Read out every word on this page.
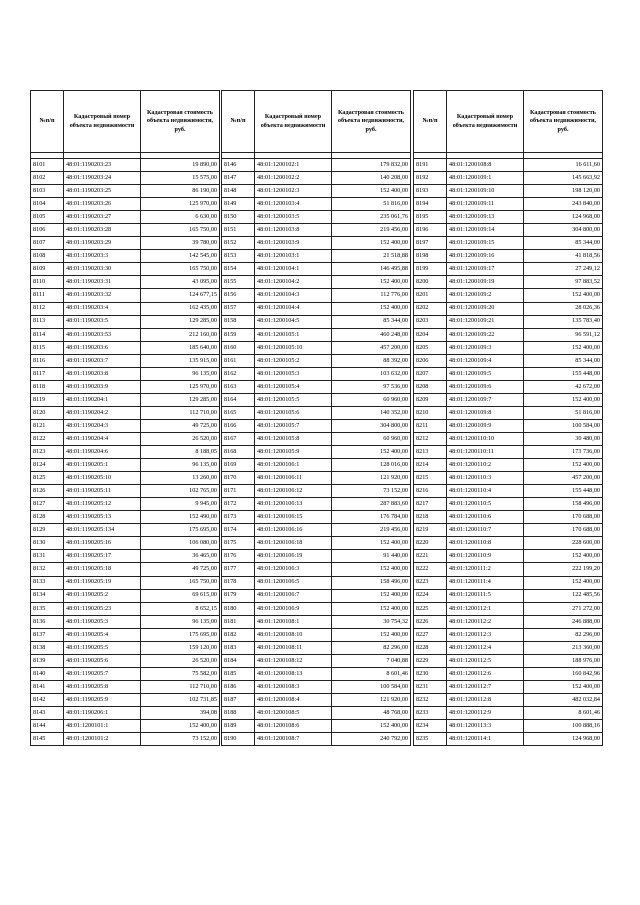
№п/п	Кадастровый номер объекта недвижимости	Кадастровая стоимость объекта недвижимости, руб.

8101	48:01:1190203:23	19 890,00
8102	48:01:1190203:24	15 575,00
8103	48:01:1190203:25	86 190,00
8104	48:01:1190203:26	125 970,00
8105	48:01:1190203:27	6 630,00
8106	48:01:1190203:28	165 750,00
8107	48:01:1190203:29	39 780,00
8108	48:01:1190203:3	142 545,00
8109	48:01:1190203:30	165 750,00
8110	48:01:1190203:31	43 095,00
8111	48:01:1190203:32	124 677,15
8112	48:01:1190203:4	162 435,00
8113	48:01:1190203:5	129 285,00
8114	48:01:1190203:53	212 160,00
8115	48:01:1190203:6	185 640,00
8116	48:01:1190203:7	135 915,00
8117	48:01:1190203:8	96 135,00
8118	48:01:1190203:9	125 970,00
8119	48:01:1190204:1	129 285,00
8120	48:01:1190204:2	112 710,00
8121	48:01:1190204:3	49 725,00
8122	48:01:1190204:4	26 520,00
8123	48:01:1190204:6	8 188,05
8124	48:01:1190205:1	96 135,00
8125	48:01:1190205:10	13 260,00
8126	48:01:1190205:11	102 765,00
8127	48:01:1190205:12	9 945,00
8128	48:01:1190205:13	152 490,00
8129	48:01:1190205:134	175 695,00
8130	48:01:1190205:16	106 080,00
8131	48:01:1190205:17	36 465,00
8132	48:01:1190205:18	49 725,00
8133	48:01:1190205:19	165 750,00
8134	48:01:1190205:2	69 615,00
8135	48:01:1190205:23	8 652,15
8136	48:01:1190205:3	96 135,00
8137	48:01:1190205:4	175 695,00
8138	48:01:1190205:5	159 120,00
8139	48:01:1190205:6	26 520,00
8140	48:01:1190205:7	75 582,00
8141	48:01:1190205:8	112 710,00
8142	48:01:1190205:9	102 731,85
8143	48:01:1190206:1	394,08
8144	48:01:1200101:1	152 400,00
8145	48:01:1200101:2	73 152,00
№п/п	Кадастровый номер объекта недвижимости	Кадастровая стоимость объекта недвижимости, руб.

8146	48:01:1200102:1	179 832,00
8147	48:01:1200102:2	140 208,00
8148	48:01:1200102:3	152 400,00
8149	48:01:1200103:4	51 816,00
8150	48:01:1200103:5	235 061,76
8151	48:01:1200103:8	219 456,00
8152	48:01:1200103:9	152 400,00
8153	48:01:1200103:1	21 518,88
8154	48:01:1200104:1	146 495,88
8155	48:01:1200104:2	152 400,00
8156	48:01:1200104:3	112 776,00
8157	48:01:1200104:4	152 400,00
8158	48:01:1200104:5	85 344,00
8159	48:01:1200105:1	460 248,00
8160	48:01:1200105:10	457 200,00
8161	48:01:1200105:2	88 392,00
8162	48:01:1200105:3	103 632,00
8163	48:01:1200105:4	97 536,00
8164	48:01:1200105:5	60 960,00
8165	48:01:1200105:6	140 352,00
8166	48:01:1200105:7	304 800,00
8167	48:01:1200105:8	60 960,00
8168	48:01:1200105:9	152 400,00
8169	48:01:1200106:1	128 016,00
8170	48:01:1200106:11	121 920,00
8171	48:01:1200106:12	73 152,00
8172	48:01:1200106:13	287 883,60
8173	48:01:1200106:15	176 784,00
8174	48:01:1200106:16	219 456,00
8175	48:01:1200106:18	152 400,00
8176	48:01:1200106:19	91 440,00
8177	48:01:1200106:3	152 400,00
8178	48:01:1200106:5	158 496,00
8179	48:01:1200106:7	152 400,00
8180	48:01:1200106:9	152 400,00
8181	48:01:1200108:1	30 754,32
8182	48:01:1200108:10	152 400,00
8183	48:01:1200108:11	82 296,00
8184	48:01:1200108:12	7 040,88
8185	48:01:1200108:13	8 601,46
8186	48:01:1200108:3	100 584,00
8187	48:01:1200108:4	121 920,00
8188	48:01:1200108:5	48 768,00
8189	48:01:1200108:6	152 400,00
8190	48:01:1200108:7	240 792,00
№п/п	Кадастровый номер объекта недвижимости	Кадастровая стоимость объекта недвижимости, руб.

8191	48:01:1200108:8	16 611,60
8192	48:01:1200109:1	145 663,92
8193	48:01:1200109:10	198 120,00
8194	48:01:1200109:11	243 840,00
8195	48:01:1200109:13	124 968,00
8196	48:01:1200109:14	304 800,00
8197	48:01:1200109:15	85 344,00
8198	48:01:1200109:16	41 818,56
8199	48:01:1200109:17	27 249,12
8200	48:01:1200109:19	97 883,52
8201	48:01:1200109:2	152 400,00
8202	48:01:1200109:20	28 026,36
8203	48:01:1200109:21	135 783,40
8204	48:01:1200109:22	96 591,12
8205	48:01:1200109:3	152 400,00
8206	48:01:1200109:4	85 344,00
8207	48:01:1200109:5	155 448,00
8208	48:01:1200109:6	42 672,00
8209	48:01:1200109:7	152 400,00
8210	48:01:1200109:8	51 816,00
8211	48:01:1200109:9	100 584,00
8212	48:01:1200110:10	30 480,00
8213	48:01:1200110:11	173 736,00
8214	48:01:1200110:2	152 400,00
8215	48:01:1200110:3	457 200,00
8216	48:01:1200110:4	155 448,00
8217	48:01:1200110:5	158 496,00
8218	48:01:1200110:6	170 688,00
8219	48:01:1200110:7	170 688,00
8220	48:01:1200110:8	228 600,00
8221	48:01:1200110:9	152 400,00
8222	48:01:1200111:2	222 199,20
8223	48:01:1200111:4	152 400,00
8224	48:01:1200111:5	122 485,56
8225	48:01:1200112:1	271 272,00
8226	48:01:1200112:2	246 888,00
8227	48:01:1200112:3	82 296,00
8228	48:01:1200112:4	213 360,00
8229	48:01:1200112:5	188 976,00
8230	48:01:1200112:6	160 842,96
8231	48:01:1200112:7	152 400,00
8232	48:01:1200112:8	482 032,84
8233	48:01:1200112:9	8 601,46
8234	48:01:1200113:3	100 888,16
8235	48:01:1200114:1	124 968,00
